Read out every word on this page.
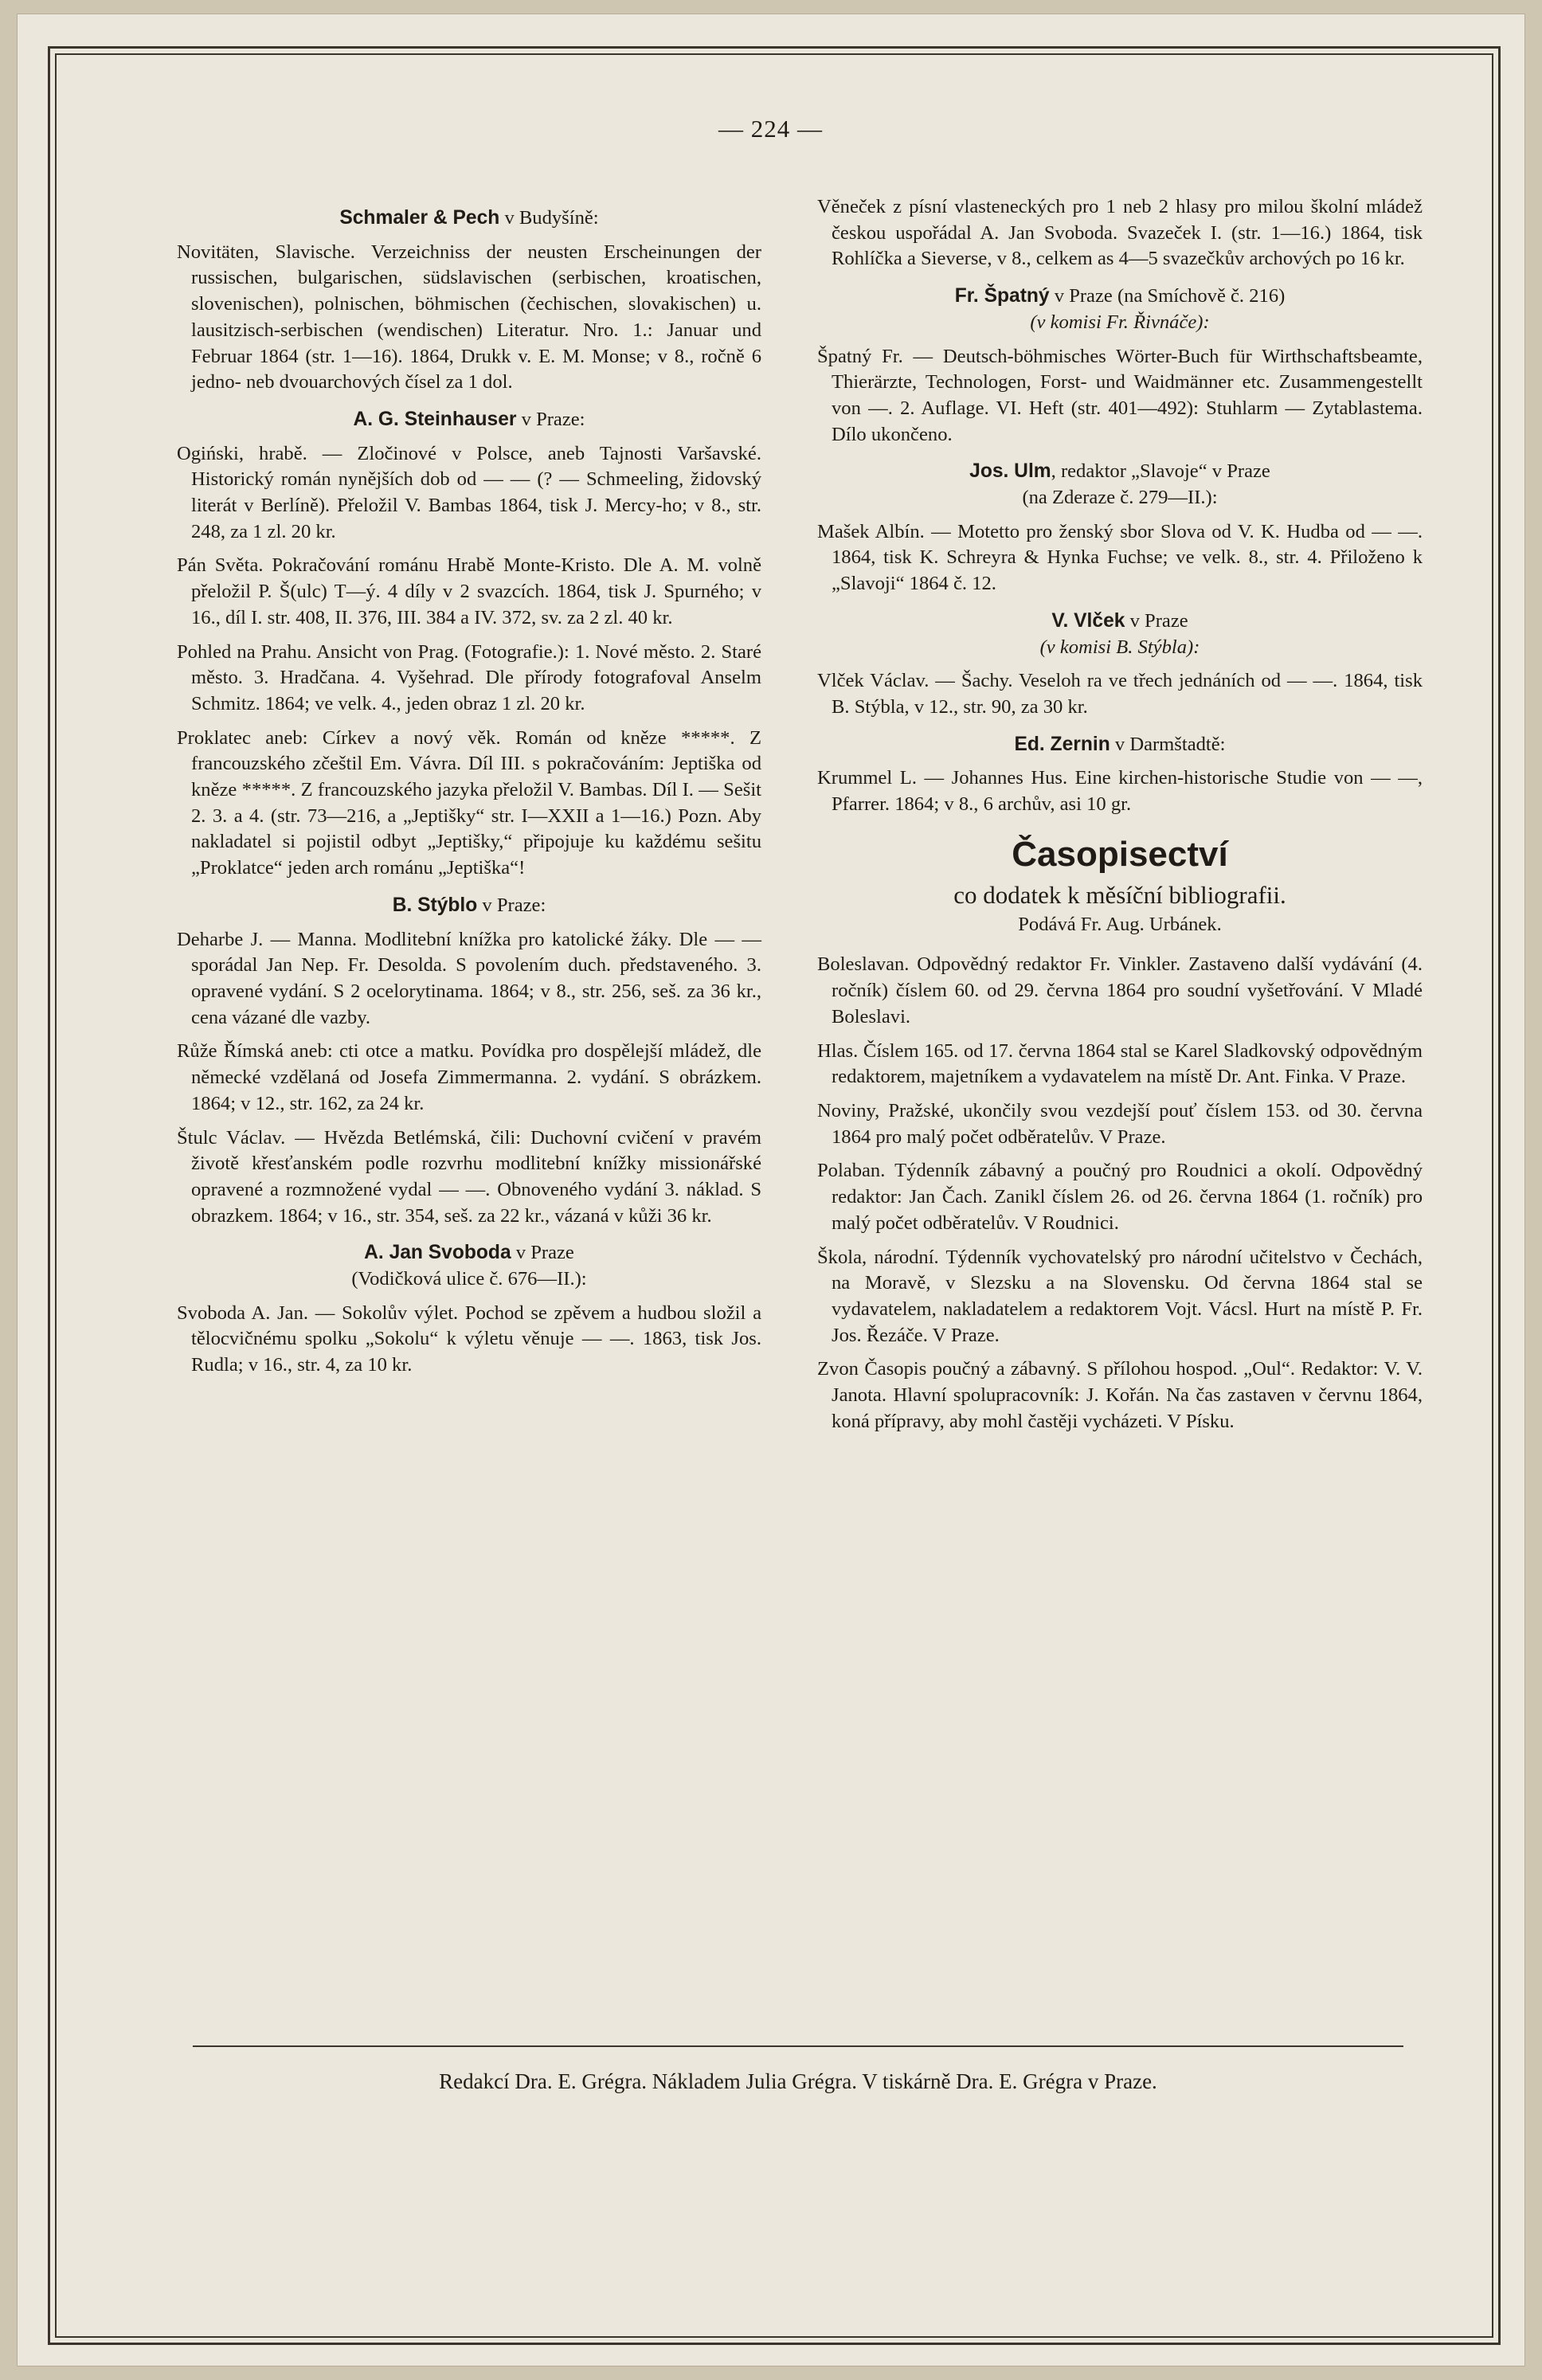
— 224 —
Schmaler & Pech v Budyšíně:
Novitäten, Slavische. Verzeichniss der neusten Erscheinungen der russischen, bulgarischen, südslavischen (serbischen, kroatischen, slovenischen), polnischen, böhmischen (čechischen, slovakischen) u. lausitzisch-serbischen (wendischen) Literatur. Nro. 1.: Januar und Februar 1864 (str. 1—16). 1864, Drukk v. E. M. Monse; v 8., ročně 6 jedno- neb dvouarchových čísel za 1 dol.
A. G. Steinhauser v Praze:
Ogiński, hrabě. — Zločinové v Polsce, aneb Tajnosti Varšavské. Historický román nynějších dob od — — (? — Schmeeling, židovský literát v Berlíně). Přeložil V. Bambas 1864, tisk J. Mercy-ho; v 8., str. 248, za 1 zl. 20 kr.
Pán Světa. Pokračování románu Hrabě Monte-Kristo. Dle A. M. volně přeložil P. Š(ulc) T—ý. 4 díly v 2 svazcích. 1864, tisk J. Spurného; v 16., díl I. str. 408, II. 376, III. 384 a IV. 372, sv. za 2 zl. 40 kr.
Pohled na Prahu. Ansicht von Prag. (Fotografie.): 1. Nové město. 2. Staré město. 3. Hradčana. 4. Vyšehrad. Dle přírody fotografoval Anselm Schmitz. 1864; ve velk. 4., jeden obraz 1 zl. 20 kr.
Proklatec aneb: Církev a nový věk. Román od kněze *****. Z francouzského zčeštil Em. Vávra. Díl III. s pokračováním: Jeptiška od kněze *****. Z francouzského jazyka přeložil V. Bambas. Díl I. — Sešit 2. 3. a 4. (str. 73—216, a „Jeptišky“ str. I—XXII a 1—16.) Pozn. Aby nakladatel si pojistil odbyt „Jeptišky,“ připojuje ku každému sešitu „Proklatce“ jeden arch románu „Jeptiška“!
B. Stýblo v Praze:
Deharbe J. — Manna. Modlitební knížka pro katolické žáky. Dle — — sporádal Jan Nep. Fr. Desolda. S povolením duch. představeného. 3. opravené vydání. S 2 ocelorytinama. 1864; v 8., str. 256, seš. za 36 kr., cena vázané dle vazby.
Růže Římská aneb: cti otce a matku. Povídka pro dospělejší mládež, dle německé vzdělaná od Josefa Zimmermanna. 2. vydání. S obrázkem. 1864; v 12., str. 162, za 24 kr.
Štulc Václav. — Hvězda Betlémská, čili: Duchovní cvičení v pravém životě křesťanském podle rozvrhu modlitební knížky missionářské opravené a rozmnožené vydal — —. Obnoveného vydání 3. náklad. S obrazkem. 1864; v 16., str. 354, seš. za 22 kr., vázaná v kůži 36 kr.
A. Jan Svoboda v Praze
(Vodičková ulice č. 676—II.):
Svoboda A. Jan. — Sokolův výlet. Pochod se zpěvem a hudbou složil a tělocvičnému spolku „Sokolu“ k výletu věnuje — —. 1863, tisk Jos. Rudla; v 16., str. 4, za 10 kr.
Věneček z písní vlasteneckých pro 1 neb 2 hlasy pro milou školní mládež českou uspořádal A. Jan Svoboda. Svazeček I. (str. 1—16.) 1864, tisk Rohlíčka a Sieverse, v 8., celkem as 4—5 svazečkův archových po 16 kr.
Fr. Špatný v Praze (na Smíchově č. 216)
(v komisi Fr. Řivnáče):
Špatný Fr. — Deutsch-böhmisches Wörter-Buch für Wirthschaftsbeamte, Thierärzte, Technologen, Forst- und Waidmänner etc. Zusammengestellt von —. 2. Auflage. VI. Heft (str. 401—492): Stuhlarm — Zytablastema. Dílo ukončeno.
Jos. Ulm, redaktor „Slavoje“ v Praze
(na Zderaze č. 279—II.):
Mašek Albín. — Motetto pro ženský sbor Slova od V. K. Hudba od — —. 1864, tisk K. Schreyra & Hynka Fuchse; ve velk. 8., str. 4. Přiloženo k „Slavoji“ 1864 č. 12.
V. Vlček v Praze
(v komisi B. Stýbla):
Vlček Václav. — Šachy. Veseloh ra ve třech jednáních od — —. 1864, tisk B. Stýbla, v 12., str. 90, za 30 kr.
Ed. Zernin v Darmštadtě:
Krummel L. — Johannes Hus. Eine kirchen-historische Studie von — —, Pfarrer. 1864; v 8., 6 archův, asi 10 gr.
Časopisectví
co dodatek k měsíční bibliografii.
Podává Fr. Aug. Urbánek.
Boleslavan. Odpovědný redaktor Fr. Vinkler. Zastaveno další vydávání (4. ročník) číslem 60. od 29. června 1864 pro soudní vyšetřování. V Mladé Boleslavi.
Hlas. Číslem 165. od 17. června 1864 stal se Karel Sladkovský odpovědným redaktorem, majetníkem a vydavatelem na místě Dr. Ant. Finka. V Praze.
Noviny, Pražské, ukončily svou vezdejší pouť číslem 153. od 30. června 1864 pro malý počet odběratelův. V Praze.
Polaban. Týdenník zábavný a poučný pro Roudnici a okolí. Odpovědný redaktor: Jan Čach. Zanikl číslem 26. od 26. června 1864 (1. ročník) pro malý počet odběratelův. V Roudnici.
Škola, národní. Týdenník vychovatelský pro národní učitelstvo v Čechách, na Moravě, v Slezsku a na Slovensku. Od června 1864 stal se vydavatelem, nakladatelem a redaktorem Vojt. Vácsl. Hurt na místě P. Fr. Jos. Řezáče. V Praze.
Zvon Časopis poučný a zábavný. S přílohou hospod. „Oul“. Redaktor: V. V. Janota. Hlavní spolupracovník: J. Kořán. Na čas zastaven v červnu 1864, koná přípravy, aby mohl častěji vycházeti. V Písku.
Redakcí Dra. E. Grégra. Nákladem Julia Grégra. V tiskárně Dra. E. Grégra v Praze.
